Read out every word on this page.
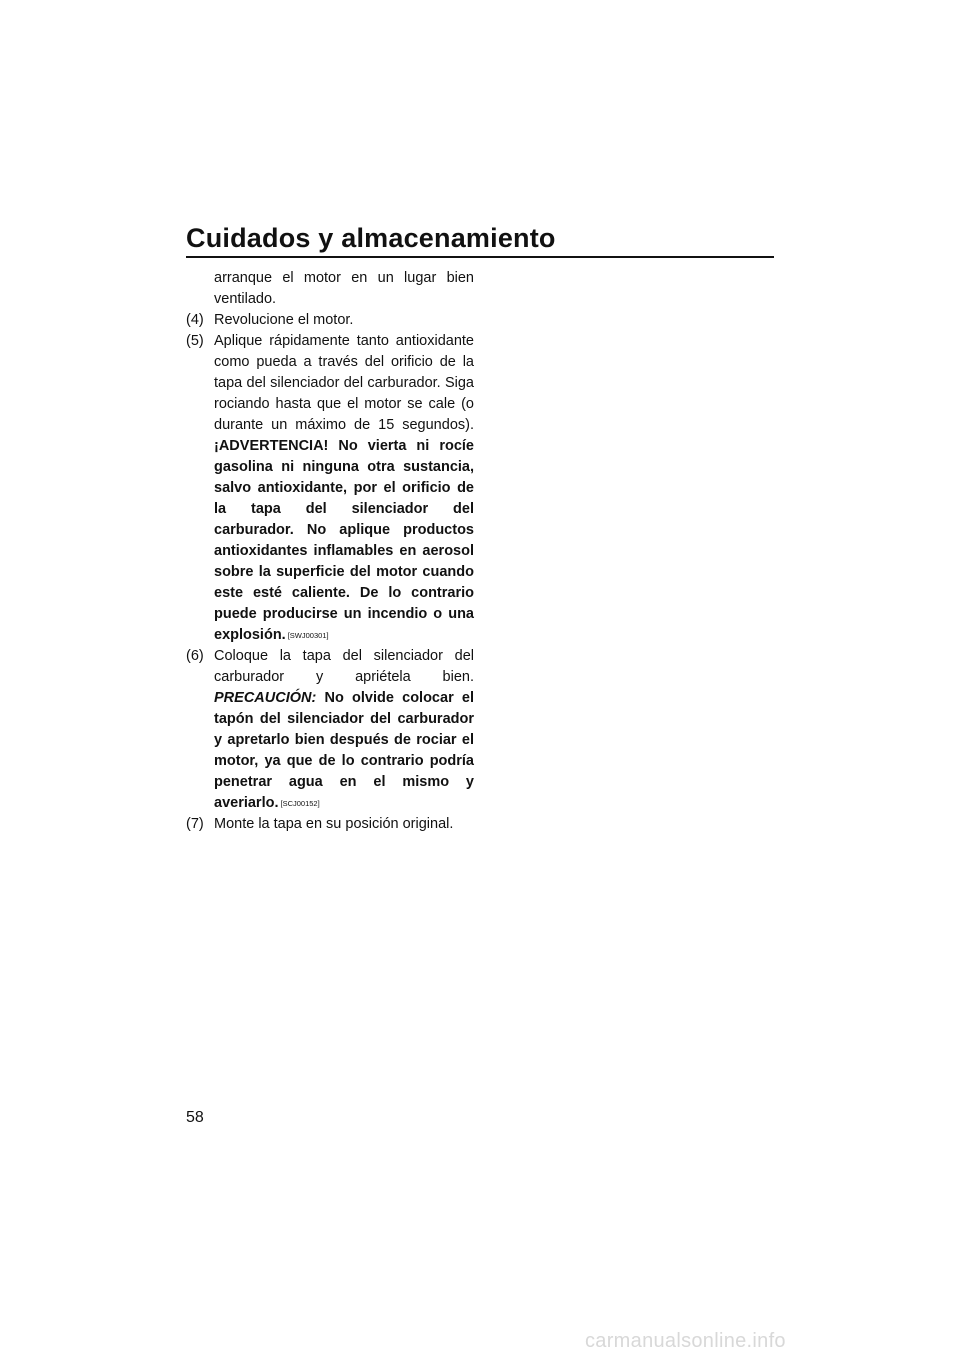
Cuidados y almacenamiento
arranque el motor en un lugar bien ventilado.
(4) Revolucione el motor.
(5) Aplique rápidamente tanto antioxidante como pueda a través del orificio de la tapa del silenciador del carburador. Siga rociando hasta que el motor se cale (o durante un máximo de 15 segundos). ¡ADVERTENCIA! No vierta ni rocíe gasolina ni ninguna otra sustancia, salvo antioxidante, por el orificio de la tapa del silenciador del carburador. No aplique productos antioxidantes inflamables en aerosol sobre la superficie del motor cuando este esté caliente. De lo contrario puede producirse un incendio o una explosión. [SWJ00301]
(6) Coloque la tapa del silenciador del carburador y apriétela bien. PRECAUCIÓN: No olvide colocar el tapón del silenciador del carburador y apretarlo bien después de rociar el motor, ya que de lo contrario podría penetrar agua en el mismo y averiarlo. [SCJ00152]
(7) Monte la tapa en su posición original.
58
carmanualsonline.info
